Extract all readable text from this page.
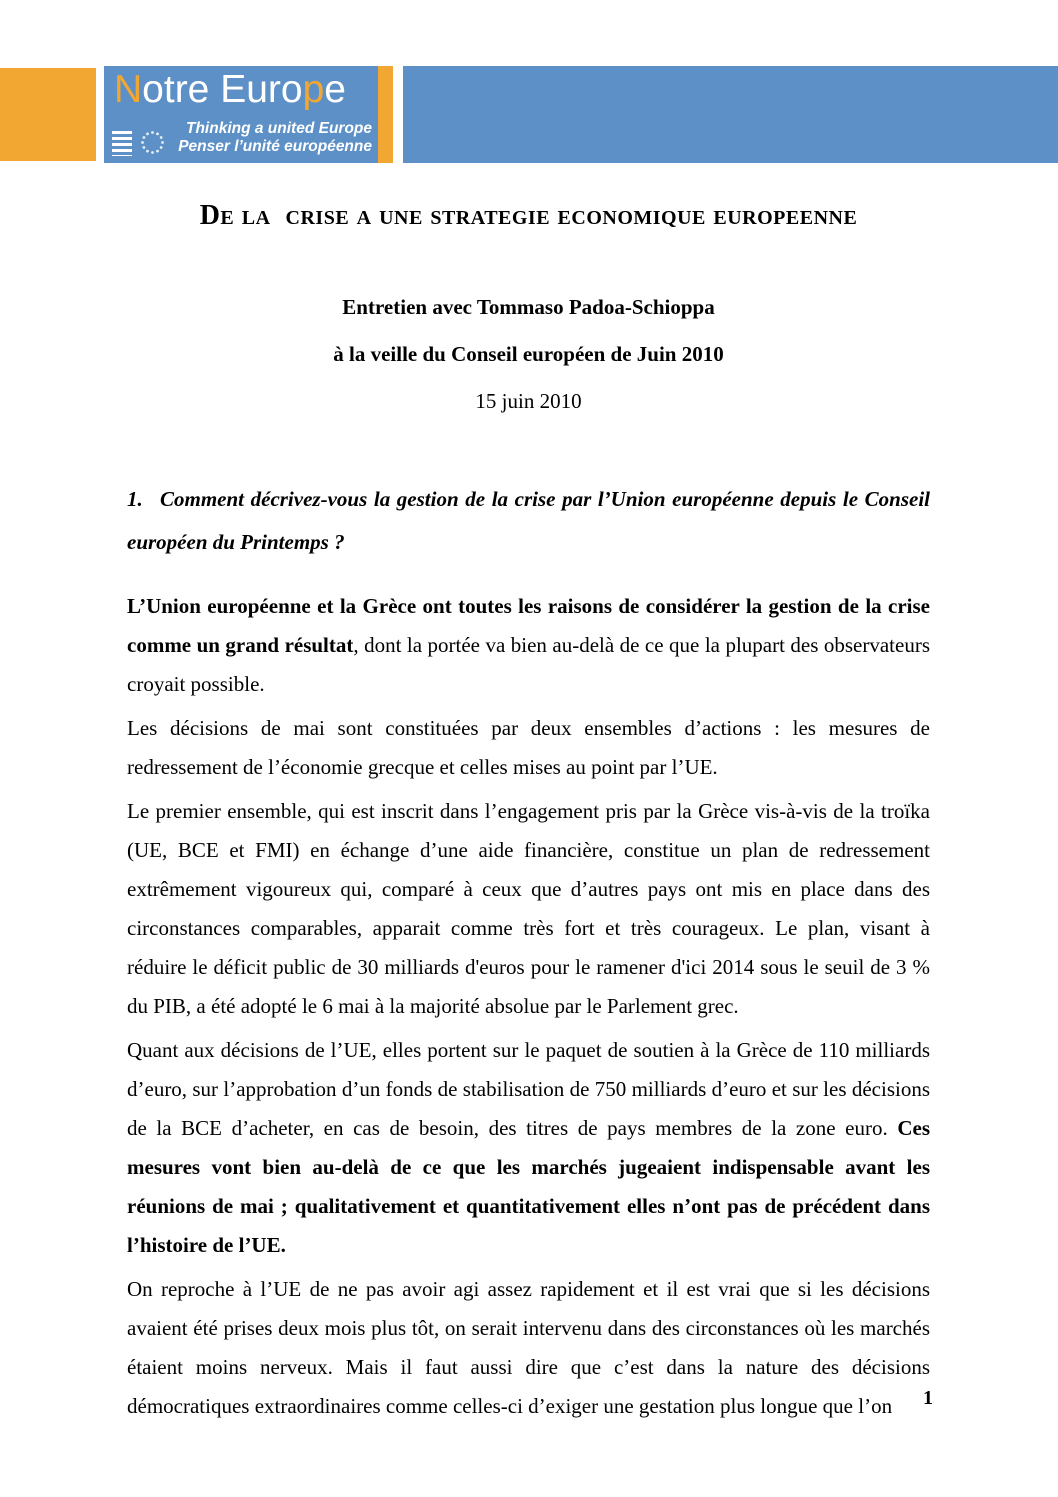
Notre Europe
Thinking a united Europe
Penser l’unité européenne
De la  crise a une strategie economique europeenne

Entretien avec Tommaso Padoa-Schioppa

à la veille du Conseil européen de Juin 2010

15 juin 2010

1. Comment décrivez-vous la gestion de la crise par l’Union européenne depuis le Conseil européen du Printemps ?

L’Union européenne et la Grèce ont toutes les raisons de considérer la gestion de la crise comme un grand résultat, dont la portée va bien au-delà de ce que la plupart des observateurs croyait possible.

Les décisions de mai sont constituées par deux ensembles d’actions : les mesures de redressement de l’économie grecque et celles mises au point par l’UE.

Le premier ensemble, qui est inscrit dans l’engagement pris par la Grèce vis-à-vis de la troïka (UE, BCE et FMI) en échange d’une aide financière, constitue un plan de redressement extrêmement vigoureux qui, comparé à ceux que d’autres pays ont mis en place dans des circonstances comparables, apparait comme très fort et très courageux. Le plan, visant à réduire le déficit public de 30 milliards d'euros pour le ramener d'ici 2014 sous le seuil de 3 % du PIB, a été adopté le 6 mai à la majorité absolue par le Parlement grec.

Quant aux décisions de l’UE, elles portent sur le paquet de soutien à la Grèce de 110 milliards d’euro, sur l’approbation d’un fonds de stabilisation de 750 milliards d’euro et sur les décisions de la BCE d’acheter, en cas de besoin, des titres de pays membres de la zone euro. Ces mesures vont bien au-delà de ce que les marchés jugeaient indispensable avant les réunions de mai ; qualitativement et quantitativement elles n’ont pas de précédent dans l’histoire de l’UE.

On reproche à l’UE de ne pas avoir agi assez rapidement et il est vrai que si les décisions avaient été prises deux mois plus tôt, on serait intervenu dans des circonstances où les marchés étaient moins nerveux. Mais il faut aussi dire que c’est dans la nature des décisions démocratiques extraordinaires comme celles-ci d’exiger une gestation plus longue que l’on	1
